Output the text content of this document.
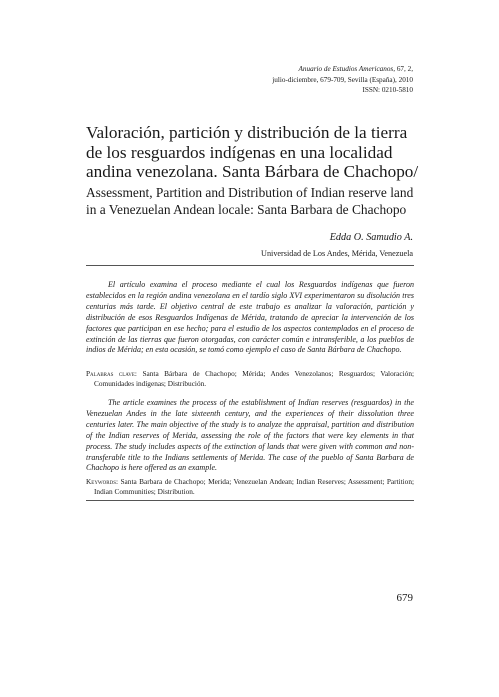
Anuario de Estudios Americanos, 67, 2,
julio-diciembre, 679-709, Sevilla (España), 2010
ISSN: 0210-5810
Valoración, partición y distribución de la tierra de los resguardos indígenas en una localidad andina venezolana. Santa Bárbara de Chachopo/
Assessment, Partition and Distribution of Indian reserve land in a Venezuelan Andean locale: Santa Barbara de Chachopo
Edda O. Samudio A.
Universidad de Los Andes, Mérida, Venezuela
El artículo examina el proceso mediante el cual los Resguardos indígenas que fueron establecidos en la región andina venezolana en el tardío siglo XVI experimentaron su disolución tres centurias más tarde. El objetivo central de este trabajo es analizar la valoración, partición y distribución de esos Resguardos Indígenas de Mérida, tratando de apreciar la intervención de los factores que participan en ese hecho; para el estudio de los aspectos contemplados en el proceso de extinción de las tierras que fueron otorgadas, con carácter común e intransferible, a los pueblos de indios de Mérida; en esta ocasión, se tomó como ejemplo el caso de Santa Bárbara de Chachopo.
Palabras clave: Santa Bárbara de Chachopo; Mérida; Andes Venezolanos; Resguardos; Valoración; Comunidades indígenas; Distribución.
The article examines the process of the establishment of Indian reserves (resguardos) in the Venezuelan Andes in the late sixteenth century, and the experiences of their dissolution three centuries later. The main objective of the study is to analyze the appraisal, partition and distribution of the Indian reserves of Merida, assessing the role of the factors that were key elements in that process. The study includes aspects of the extinction of lands that were given with common and non-transferable title to the Indians settlements of Merida. The case of the pueblo of Santa Barbara de Chachopo is here offered as an example.
Keywords: Santa Barbara de Chachopo; Merida; Venezuelan Andean; Indian Reserves; Assessment; Partition; Indian Communities; Distribution.
679
